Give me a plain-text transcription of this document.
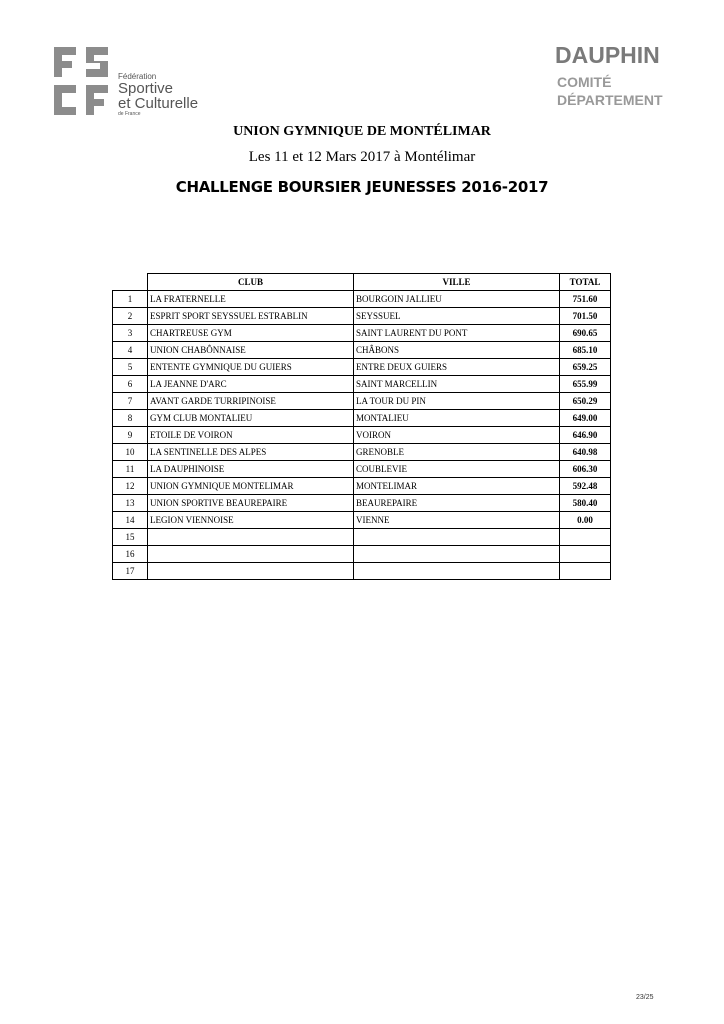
Fédération
Sportive
et Culturelle
de France
DAUPHIN
COMITÉ
DÉPARTEMENT
UNION GYMNIQUE DE MONTÉLIMAR
Les 11 et 12 Mars 2017 à Montélimar
CHALLENGE BOURSIER JEUNESSES 2016-2017
	CLUB	VILLE	TOTAL
1	LA FRATERNELLE	BOURGOIN JALLIEU	751.60
2	ESPRIT SPORT SEYSSUEL ESTRABLIN	SEYSSUEL	701.50
3	CHARTREUSE GYM	SAINT LAURENT DU PONT	690.65
4	UNION CHABÔNNAISE	CHÂBONS	685.10
5	ENTENTE GYMNIQUE DU GUIERS	ENTRE DEUX GUIERS	659.25
6	LA JEANNE D'ARC	SAINT MARCELLIN	655.99
7	AVANT GARDE TURRIPINOISE	LA TOUR DU PIN	650.29
8	GYM CLUB MONTALIEU	MONTALIEU	649.00
9	ETOILE DE VOIRON	VOIRON	646.90
10	LA SENTINELLE DES ALPES	GRENOBLE	640.98
11	LA DAUPHINOISE	COUBLEVIE	606.30
12	UNION GYMNIQUE MONTELIMAR	MONTELIMAR	592.48
13	UNION SPORTIVE BEAUREPAIRE	BEAUREPAIRE	580.40
14	LEGION VIENNOISE	VIENNE	0.00
15			
16			
17			
23/25
